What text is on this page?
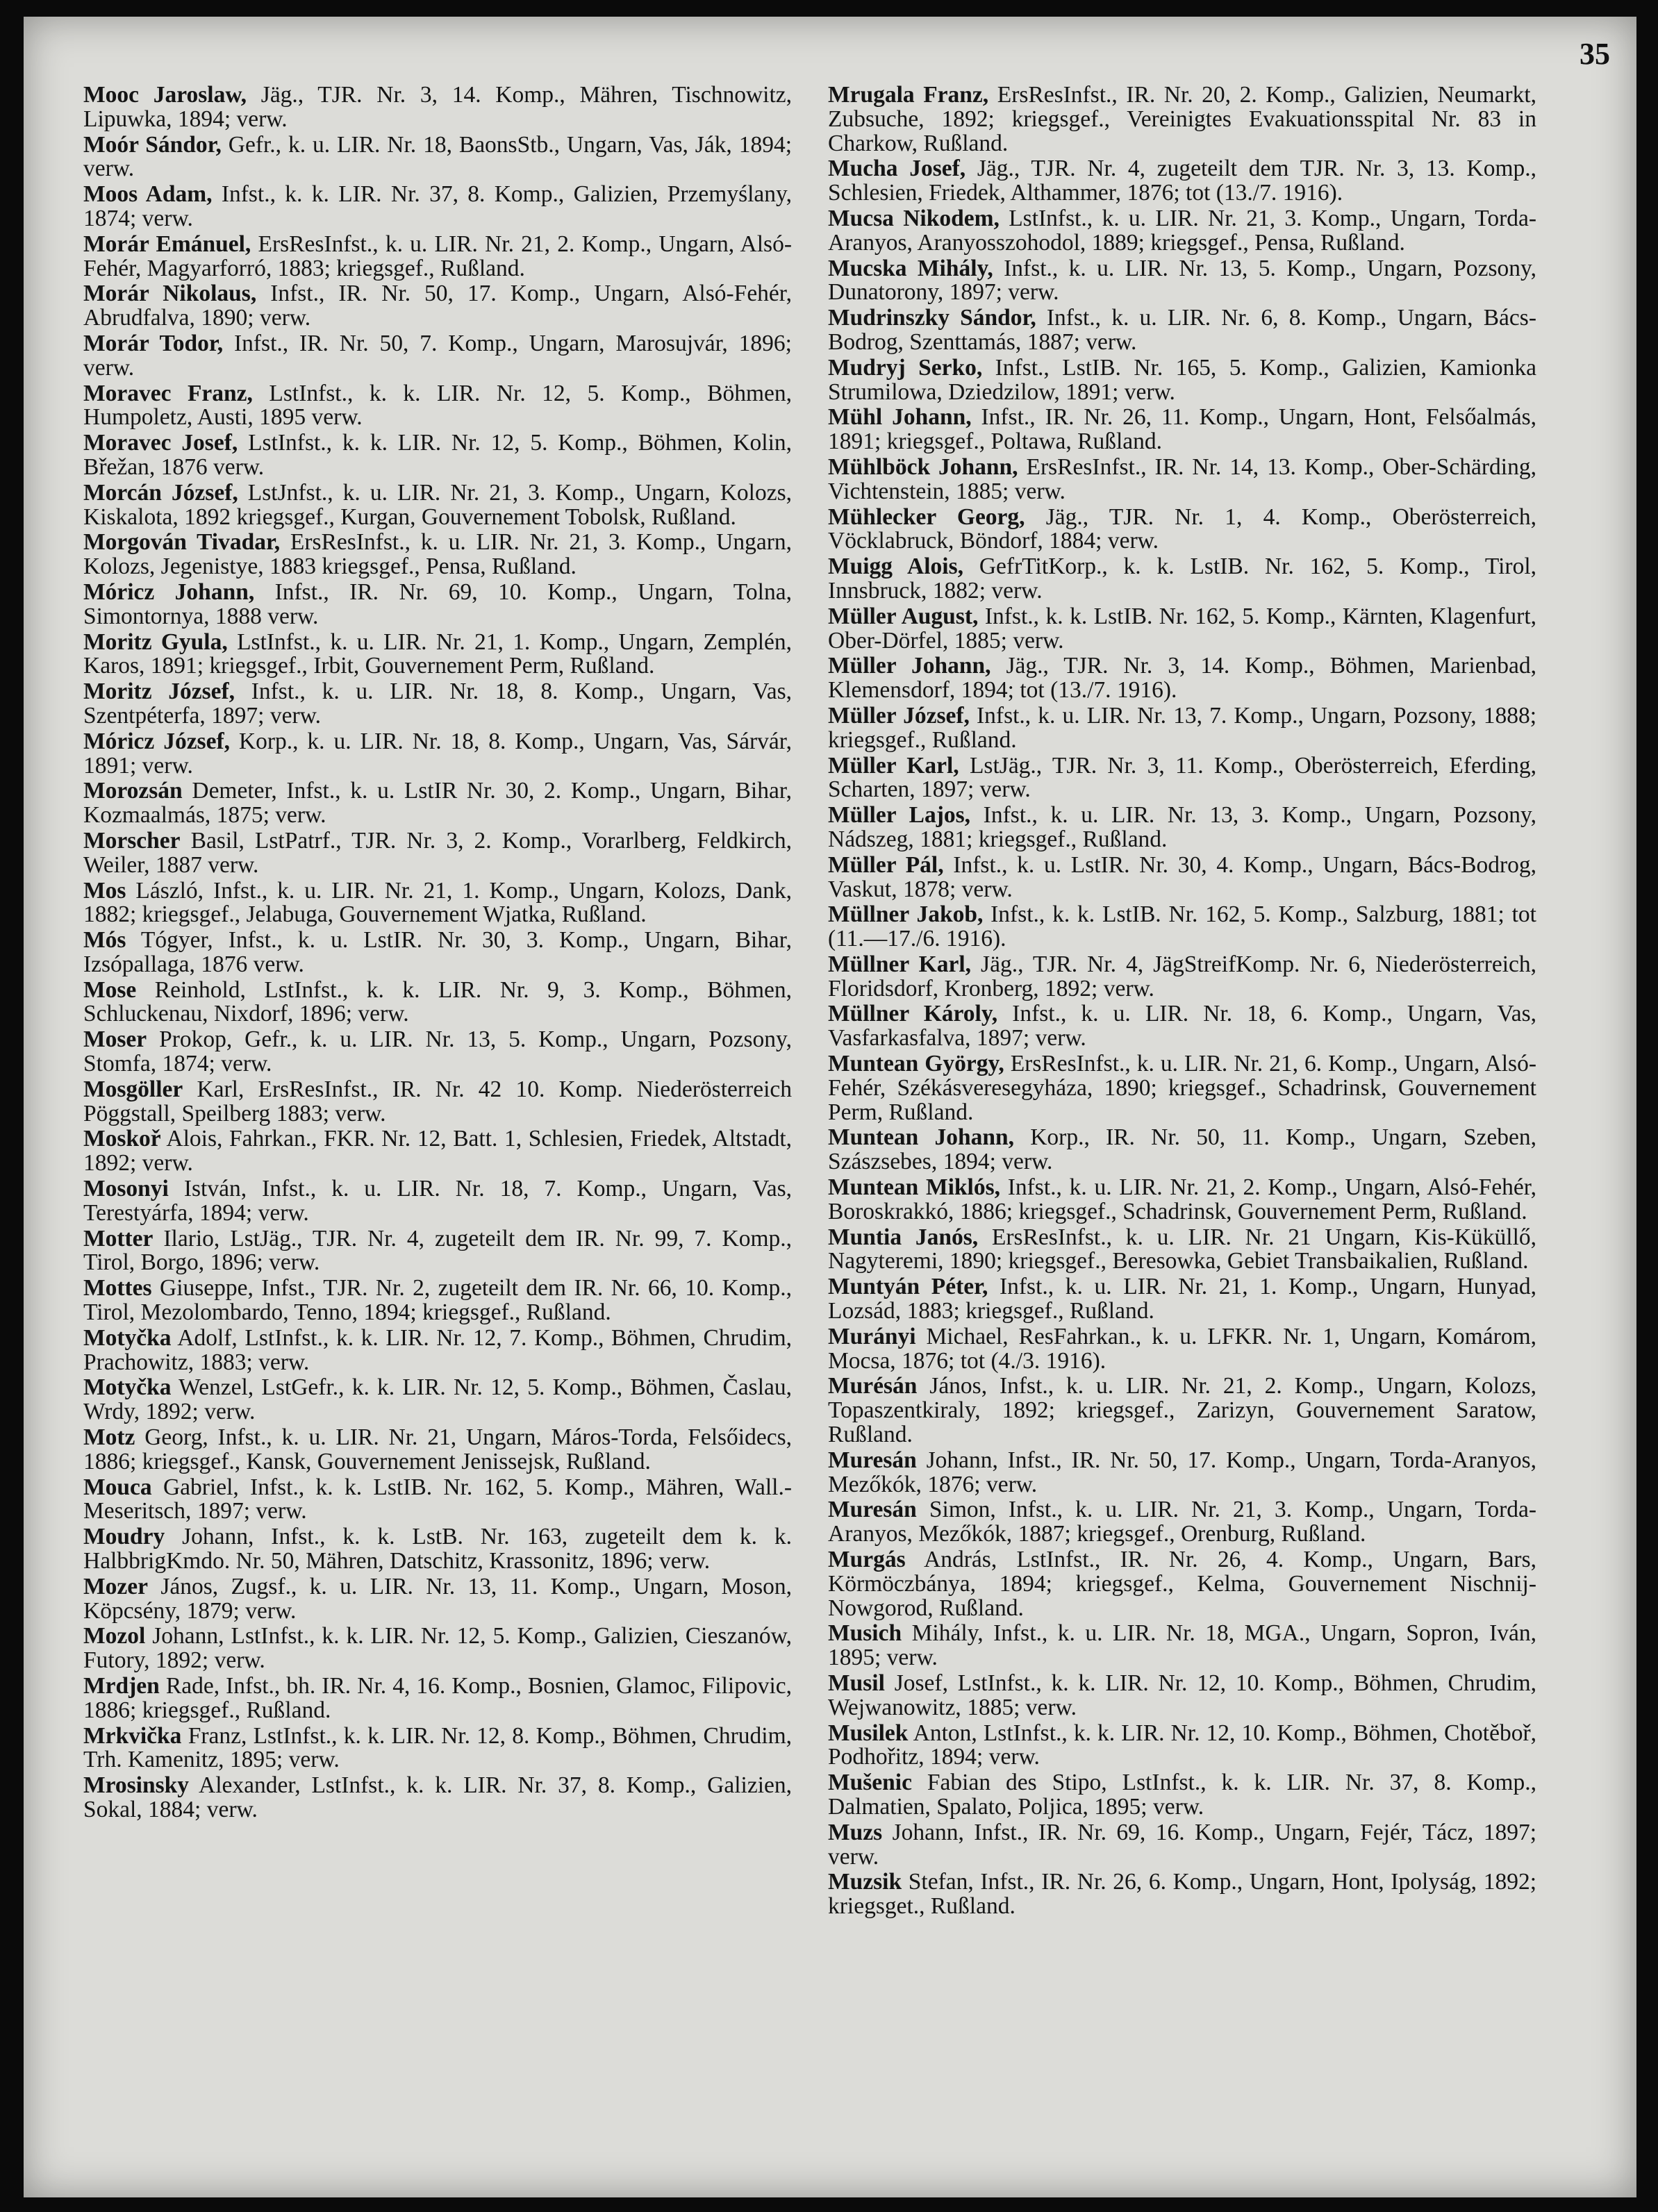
35

Mooc Jaroslaw, Jäg., TJR. Nr. 3, 14. Komp., Mähren, Tischnowitz, Lipuwka, 1894; verw.

Moór Sándor, Gefr., k. u. LIR. Nr. 18, BaonsStb., Ungarn, Vas, Ják, 1894; verw.

Moos Adam, Infst., k. k. LIR. Nr. 37, 8. Komp., Galizien, Przemyślany, 1874; verw.

Morár Emánuel, ErsResInfst., k. u. LIR. Nr. 21, 2. Komp., Ungarn, Alsó-Fehér, Magyarforró, 1883; kriegsgef., Rußland.

Morár Nikolaus, Infst., IR. Nr. 50, 17. Komp., Ungarn, Alsó-Fehér, Abrudfalva, 1890; verw.

Morár Todor, Infst., IR. Nr. 50, 7. Komp., Ungarn, Marosujvár, 1896; verw.

Moravec Franz, LstInfst., k. k. LIR. Nr. 12, 5. Komp., Böhmen, Humpoletz, Austi, 1895 verw.

Moravec Josef, LstInfst., k. k. LIR. Nr. 12, 5. Komp., Böhmen, Kolin, Břežan, 1876 verw.

Morcán József, LstJnfst., k. u. LIR. Nr. 21, 3. Komp., Ungarn, Kolozs, Kiskalota, 1892 kriegsgef., Kurgan, Gouvernement Tobolsk, Rußland.

Morgován Tivadar, ErsResInfst., k. u. LIR. Nr. 21, 3. Komp., Ungarn, Kolozs, Jegenistye, 1883 kriegsgef., Pensa, Rußland.

Móricz Johann, Infst., IR. Nr. 69, 10. Komp., Ungarn, Tolna, Simontornya, 1888 verw.

Moritz Gyula, LstInfst., k. u. LIR. Nr. 21, 1. Komp., Ungarn, Zemplén, Karos, 1891; kriegsgef., Irbit, Gouvernement Perm, Rußland.

Moritz József, Infst., k. u. LIR. Nr. 18, 8. Komp., Ungarn, Vas, Szentpéterfa, 1897; verw.

Móricz József, Korp., k. u. LIR. Nr. 18, 8. Komp., Ungarn, Vas, Sárvár, 1891; verw.

Morozsán Demeter, Infst., k. u. LstIR Nr. 30, 2. Komp., Ungarn, Bihar, Kozmaalmás, 1875; verw.

Morscher Basil, LstPatrf., TJR. Nr. 3, 2. Komp., Vorarlberg, Feldkirch, Weiler, 1887 verw.

Mos László, Infst., k. u. LIR. Nr. 21, 1. Komp., Ungarn, Kolozs, Dank, 1882; kriegsgef., Jelabuga, Gouvernement Wjatka, Rußland.

Mós Tógyer, Infst., k. u. LstIR. Nr. 30, 3. Komp., Ungarn, Bihar, Izsópallaga, 1876 verw.

Mose Reinhold, LstInfst., k. k. LIR. Nr. 9, 3. Komp., Böhmen, Schluckenau, Nixdorf, 1896; verw.

Moser Prokop, Gefr., k. u. LIR. Nr. 13, 5. Komp., Ungarn, Pozsony, Stomfa, 1874; verw.

Mosgöller Karl, ErsResInfst., IR. Nr. 42 10. Komp. Niederösterreich Pöggstall, Speilberg 1883; verw.

Moskoř Alois, Fahrkan., FKR. Nr. 12, Batt. 1, Schlesien, Friedek, Altstadt, 1892; verw.

Mosonyi István, Infst., k. u. LIR. Nr. 18, 7. Komp., Ungarn, Vas, Terestyárfa, 1894; verw.

Motter Ilario, LstJäg., TJR. Nr. 4, zugeteilt dem IR. Nr. 99, 7. Komp., Tirol, Borgo, 1896; verw.

Mottes Giuseppe, Infst., TJR. Nr. 2, zugeteilt dem IR. Nr. 66, 10. Komp., Tirol, Mezolombardo, Tenno, 1894; kriegsgef., Rußland.

Motyčka Adolf, LstInfst., k. k. LIR. Nr. 12, 7. Komp., Böhmen, Chrudim, Prachowitz, 1883; verw.

Motyčka Wenzel, LstGefr., k. k. LIR. Nr. 12, 5. Komp., Böhmen, Časlau, Wrdy, 1892; verw.

Motz Georg, Infst., k. u. LIR. Nr. 21, Ungarn, Máros-Torda, Felsőidecs, 1886; kriegsgef., Kansk, Gouvernement Jenissejsk, Rußland.

Mouca Gabriel, Infst., k. k. LstIB. Nr. 162, 5. Komp., Mähren, Wall.-Meseritsch, 1897; verw.

Moudry Johann, Infst., k. k. LstB. Nr. 163, zugeteilt dem k. k. HalbbrigKmdo. Nr. 50, Mähren, Datschitz, Krassonitz, 1896; verw.

Mozer János, Zugsf., k. u. LIR. Nr. 13, 11. Komp., Ungarn, Moson, Köpcsény, 1879; verw.

Mozol Johann, LstInfst., k. k. LIR. Nr. 12, 5. Komp., Galizien, Cieszanów, Futory, 1892; verw.

Mrdjen Rade, Infst., bh. IR. Nr. 4, 16. Komp., Bosnien, Glamoc, Filipovic, 1886; kriegsgef., Rußland.

Mrkvička Franz, LstInfst., k. k. LIR. Nr. 12, 8. Komp., Böhmen, Chrudim, Trh. Kamenitz, 1895; verw.

Mrosinsky Alexander, LstInfst., k. k. LIR. Nr. 37, 8. Komp., Galizien, Sokal, 1884; verw.

Mrugala Franz, ErsResInfst., IR. Nr. 20, 2. Komp., Galizien, Neumarkt, Zubsuche, 1892; kriegsgef., Vereinigtes Evakuationsspital Nr. 83 in Charkow, Rußland.

Mucha Josef, Jäg., TJR. Nr. 4, zugeteilt dem TJR. Nr. 3, 13. Komp., Schlesien, Friedek, Althammer, 1876; tot (13./7. 1916).

Mucsa Nikodem, LstInfst., k. u. LIR. Nr. 21, 3. Komp., Ungarn, Torda-Aranyos, Aranyosszohodol, 1889; kriegsgef., Pensa, Rußland.

Mucska Mihály, Infst., k. u. LIR. Nr. 13, 5. Komp., Ungarn, Pozsony, Dunatorony, 1897; verw.

Mudrinszky Sándor, Infst., k. u. LIR. Nr. 6, 8. Komp., Ungarn, Bács-Bodrog, Szenttamás, 1887; verw.

Mudryj Serko, Infst., LstIB. Nr. 165, 5. Komp., Galizien, Kamionka Strumilowa, Dziedzilow, 1891; verw.

Mühl Johann, Infst., IR. Nr. 26, 11. Komp., Ungarn, Hont, Felsőalmás, 1891; kriegsgef., Poltawa, Rußland.

Mühlböck Johann, ErsResInfst., IR. Nr. 14, 13. Komp., Ober-Schärding, Vichtenstein, 1885; verw.

Mühlecker Georg, Jäg., TJR. Nr. 1, 4. Komp., Oberösterreich, Vöcklabruck, Böndorf, 1884; verw.

Muigg Alois, GefrTitKorp., k. k. LstIB. Nr. 162, 5. Komp., Tirol, Innsbruck, 1882; verw.

Müller August, Infst., k. k. LstIB. Nr. 162, 5. Komp., Kärnten, Klagenfurt, Ober-Dörfel, 1885; verw.

Müller Johann, Jäg., TJR. Nr. 3, 14. Komp., Böhmen, Marienbad, Klemensdorf, 1894; tot (13./7. 1916).

Müller József, Infst., k. u. LIR. Nr. 13, 7. Komp., Ungarn, Pozsony, 1888; kriegsgef., Rußland.

Müller Karl, LstJäg., TJR. Nr. 3, 11. Komp., Oberösterreich, Eferding, Scharten, 1897; verw.

Müller Lajos, Infst., k. u. LIR. Nr. 13, 3. Komp., Ungarn, Pozsony, Nádszeg, 1881; kriegsgef., Rußland.

Müller Pál, Infst., k. u. LstIR. Nr. 30, 4. Komp., Ungarn, Bács-Bodrog, Vaskut, 1878; verw.

Müllner Jakob, Infst., k. k. LstIB. Nr. 162, 5. Komp., Salzburg, 1881; tot (11.—17./6. 1916).

Müllner Karl, Jäg., TJR. Nr. 4, JägStreifKomp. Nr. 6, Niederösterreich, Floridsdorf, Kronberg, 1892; verw.

Müllner Károly, Infst., k. u. LIR. Nr. 18, 6. Komp., Ungarn, Vas, Vasfarkasfalva, 1897; verw.

Muntean György, ErsResInfst., k. u. LIR. Nr. 21, 6. Komp., Ungarn, Alsó-Fehér, Székásveresegyháza, 1890; kriegsgef., Schadrinsk, Gouvernement Perm, Rußland.

Muntean Johann, Korp., IR. Nr. 50, 11. Komp., Ungarn, Szeben, Szászsebes, 1894; verw.

Muntean Miklós, Infst., k. u. LIR. Nr. 21, 2. Komp., Ungarn, Alsó-Fehér, Boroskrakkó, 1886; kriegsgef., Schadrinsk, Gouvernement Perm, Rußland.

Muntia Janós, ErsResInfst., k. u. LIR. Nr. 21 Ungarn, Kis-Küküllő, Nagyteremi, 1890; kriegsgef., Beresowka, Gebiet Transbaikalien, Rußland.

Muntyán Péter, Infst., k. u. LIR. Nr. 21, 1. Komp., Ungarn, Hunyad, Lozsád, 1883; kriegsgef., Rußland.

Murányi Michael, ResFahrkan., k. u. LFKR. Nr. 1, Ungarn, Komárom, Mocsa, 1876; tot (4./3. 1916).

Murésán János, Infst., k. u. LIR. Nr. 21, 2. Komp., Ungarn, Kolozs, Topaszentkiraly, 1892; kriegsgef., Zarizyn, Gouvernement Saratow, Rußland.

Muresán Johann, Infst., IR. Nr. 50, 17. Komp., Ungarn, Torda-Aranyos, Mezőkók, 1876; verw.

Muresán Simon, Infst., k. u. LIR. Nr. 21, 3. Komp., Ungarn, Torda-Aranyos, Mezőkók, 1887; kriegsgef., Orenburg, Rußland.

Murgás András, LstInfst., IR. Nr. 26, 4. Komp., Ungarn, Bars, Körmöczbánya, 1894; kriegsgef., Kelma, Gouvernement Nischnij-Nowgorod, Rußland.

Musich Mihály, Infst., k. u. LIR. Nr. 18, MGA., Ungarn, Sopron, Iván, 1895; verw.

Musil Josef, LstInfst., k. k. LIR. Nr. 12, 10. Komp., Böhmen, Chrudim, Wejwanowitz, 1885; verw.

Musilek Anton, LstInfst., k. k. LIR. Nr. 12, 10. Komp., Böhmen, Chotěboř, Podhořitz, 1894; verw.

Mušenic Fabian des Stipo, LstInfst., k. k. LIR. Nr. 37, 8. Komp., Dalmatien, Spalato, Poljica, 1895; verw.

Muzs Johann, Infst., IR. Nr. 69, 16. Komp., Ungarn, Fejér, Tácz, 1897; verw.

Muzsik Stefan, Infst., IR. Nr. 26, 6. Komp., Ungarn, Hont, Ipolyság, 1892; kriegsget., Rußland.
